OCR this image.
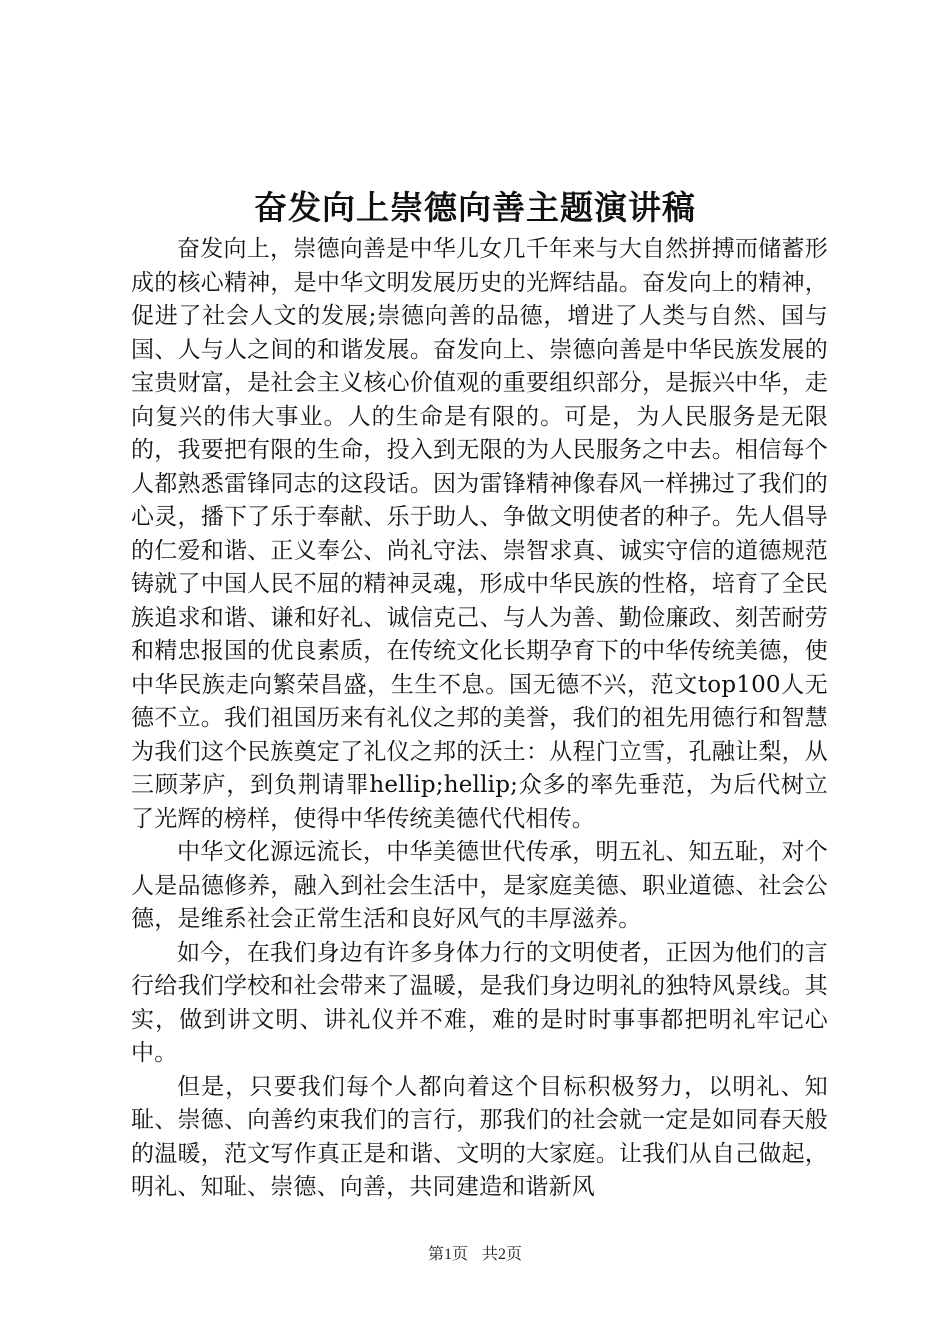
奋发向上崇德向善主题演讲稿

奋发向上，崇德向善是中华儿女几千年来与大自然拼搏而储蓄形成的核心精神，是中华文明发展历史的光辉结晶。奋发向上的精神，促进了社会人文的发展;崇德向善的品德，增进了人类与自然、国与国、人与人之间的和谐发展。奋发向上、崇德向善是中华民族发展的宝贵财富，是社会主义核心价值观的重要组织部分，是振兴中华，走向复兴的伟大事业。人的生命是有限的。可是，为人民服务是无限的，我要把有限的生命，投入到无限的为人民服务之中去。相信每个人都熟悉雷锋同志的这段话。因为雷锋精神像春风一样拂过了我们的心灵，播下了乐于奉献、乐于助人、争做文明使者的种子。先人倡导的仁爱和谐、正义奉公、尚礼守法、崇智求真、诚实守信的道德规范铸就了中国人民不屈的精神灵魂，形成中华民族的性格，培育了全民族追求和谐、谦和好礼、诚信克己、与人为善、勤俭廉政、刻苦耐劳和精忠报国的优良素质，在传统文化长期孕育下的中华传统美德，使中华民族走向繁荣昌盛，生生不息。国无德不兴，范文top100人无德不立。我们祖国历来有礼仪之邦的美誉，我们的祖先用德行和智慧为我们这个民族奠定了礼仪之邦的沃土：从程门立雪，孔融让梨，从三顾茅庐，到负荆请罪hellip;hellip;众多的率先垂范，为后代树立了光辉的榜样，使得中华传统美德代代相传。

中华文化源远流长，中华美德世代传承，明五礼、知五耻，对个人是品德修养，融入到社会生活中，是家庭美德、职业道德、社会公德，是维系社会正常生活和良好风气的丰厚滋养。

如今，在我们身边有许多身体力行的文明使者，正因为他们的言行给我们学校和社会带来了温暖，是我们身边明礼的独特风景线。其实，做到讲文明、讲礼仪并不难，难的是时时事事都把明礼牢记心中。

但是，只要我们每个人都向着这个目标积极努力，以明礼、知耻、崇德、向善约束我们的言行，那我们的社会就一定是如同春天般的温暖，范文写作真正是和谐、文明的大家庭。让我们从自己做起，明礼、知耻、崇德、向善，共同建造和谐新风

第1页 共2页
